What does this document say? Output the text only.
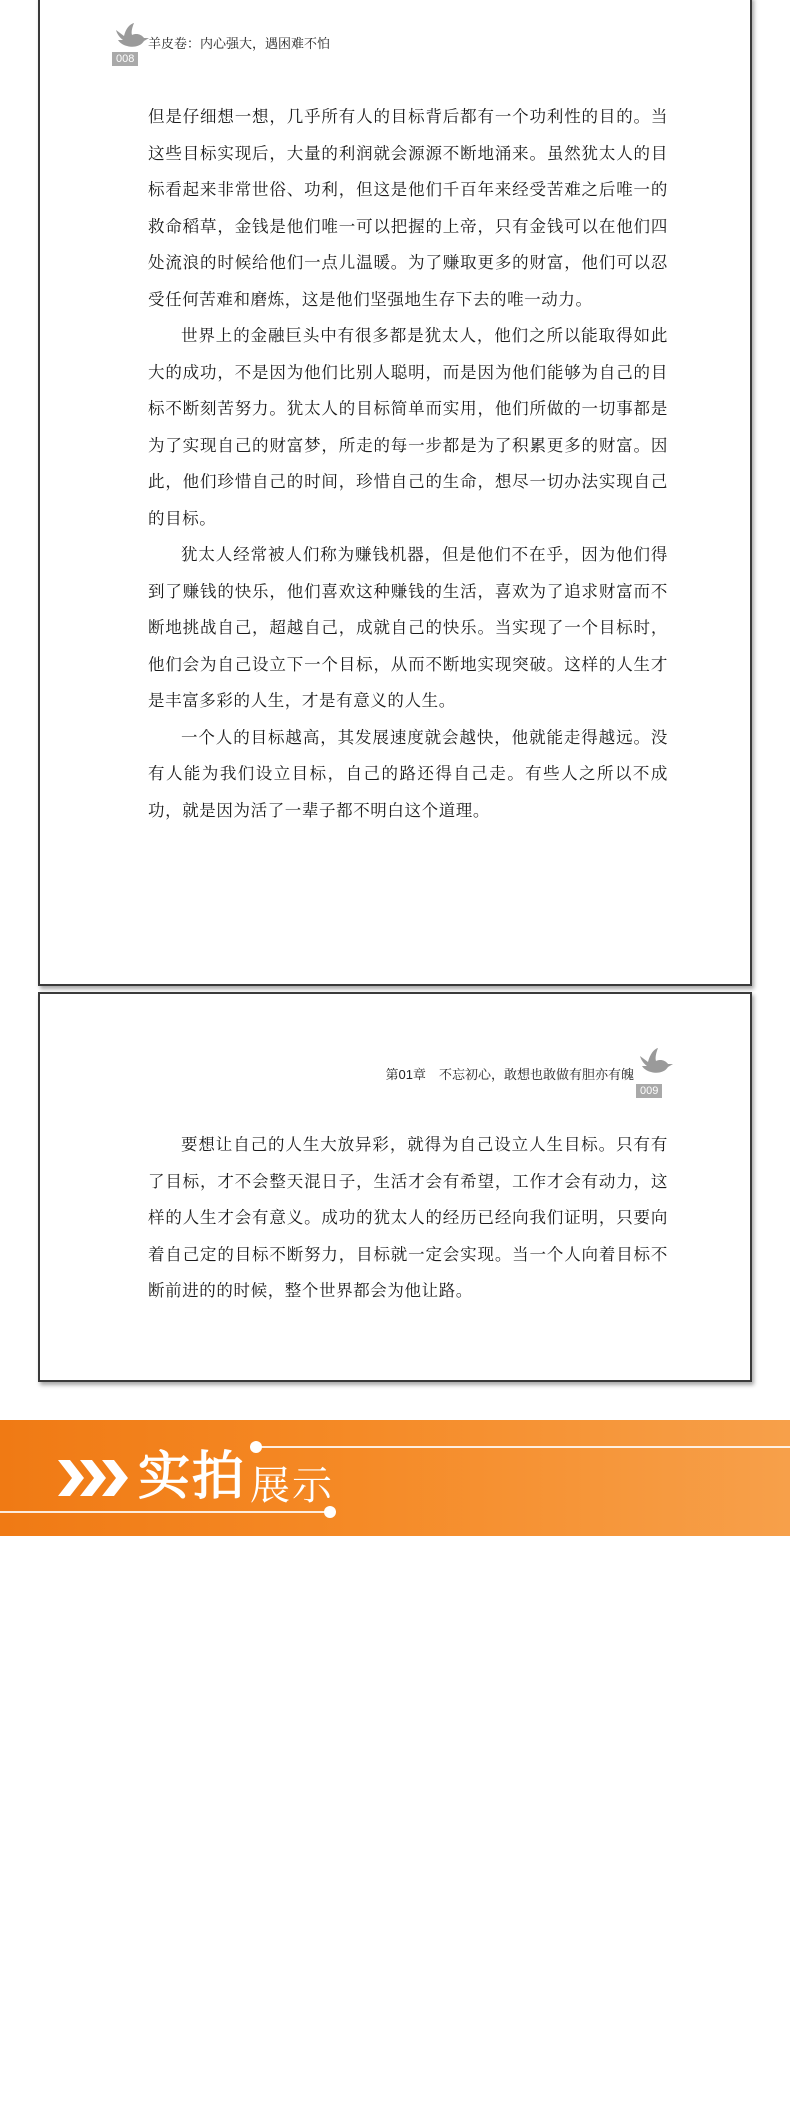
008
羊皮卷：内心强大，遇困难不怕

但是仔细想一想，几乎所有人的目标背后都有一个功利性的目的。当这些目标实现后，大量的利润就会源源不断地涌来。虽然犹太人的目标看起来非常世俗、功利，但这是他们千百年来经受苦难之后唯一的救命稻草，金钱是他们唯一可以把握的上帝，只有金钱可以在他们四处流浪的时候给他们一点儿温暖。为了赚取更多的财富，他们可以忍受任何苦难和磨炼，这是他们坚强地生存下去的唯一动力。

世界上的金融巨头中有很多都是犹太人，他们之所以能取得如此大的成功，不是因为他们比别人聪明，而是因为他们能够为自己的目标不断刻苦努力。犹太人的目标简单而实用，他们所做的一切事都是为了实现自己的财富梦，所走的每一步都是为了积累更多的财富。因此，他们珍惜自己的时间，珍惜自己的生命，想尽一切办法实现自己的目标。

犹太人经常被人们称为赚钱机器，但是他们不在乎，因为他们得到了赚钱的快乐，他们喜欢这种赚钱的生活，喜欢为了追求财富而不断地挑战自己，超越自己，成就自己的快乐。当实现了一个目标时，他们会为自己设立下一个目标，从而不断地实现突破。这样的人生才是丰富多彩的人生，才是有意义的人生。

一个人的目标越高，其发展速度就会越快，他就能走得越远。没有人能为我们设立目标，自己的路还得自己走。有些人之所以不成功，就是因为活了一辈子都不明白这个道理。

第01章　不忘初心，敢想也敢做有胆亦有魄
009

要想让自己的人生大放异彩，就得为自己设立人生目标。只有有了目标，才不会整天混日子，生活才会有希望，工作才会有动力，这样的人生才会有意义。成功的犹太人的经历已经向我们证明，只要向着自己定的目标不断努力，目标就一定会实现。当一个人向着目标不断前进的的时候，整个世界都会为他让路。

实拍 展示
